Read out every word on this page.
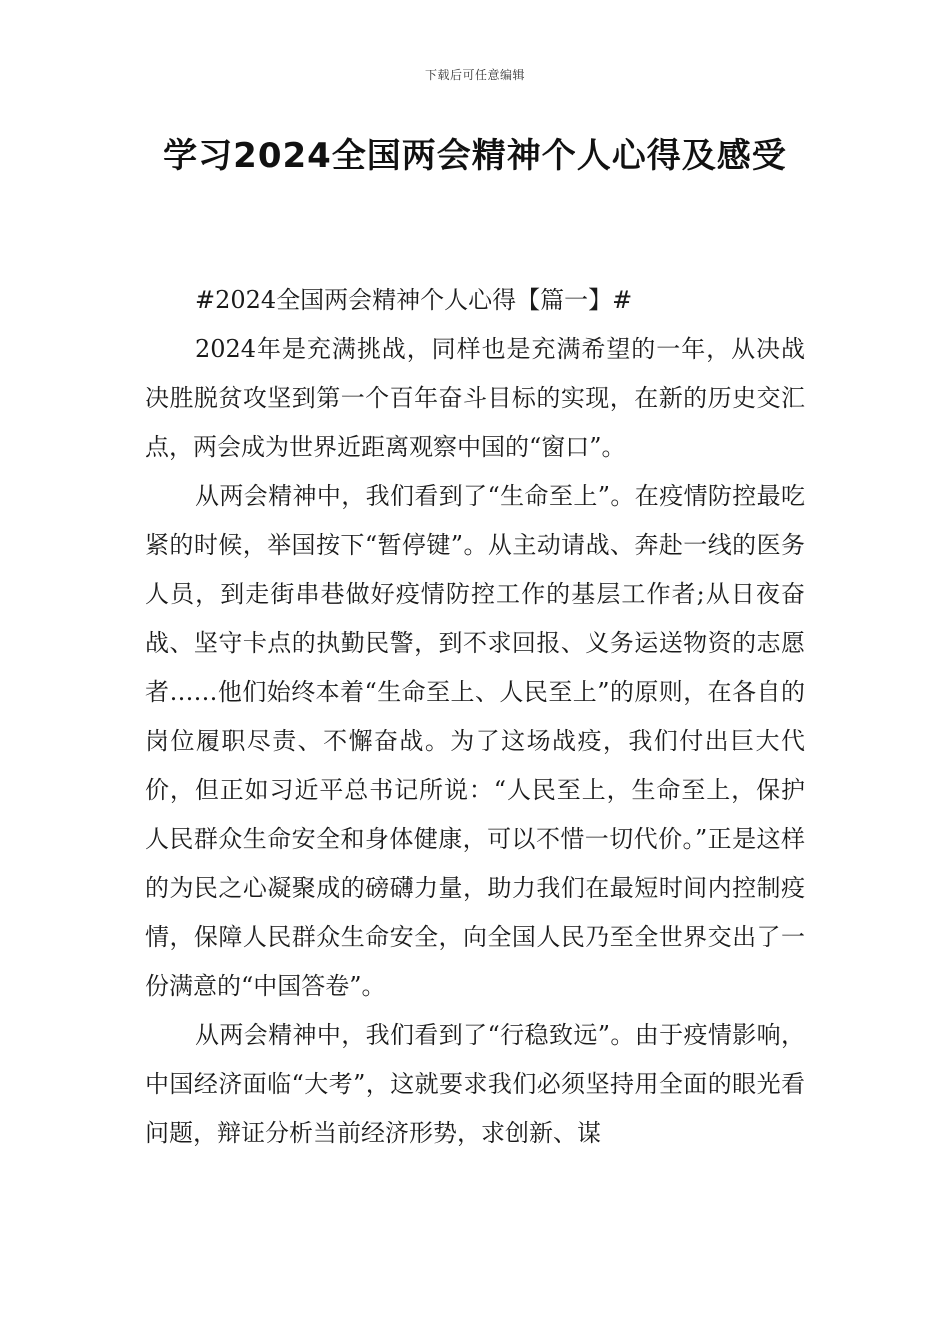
下载后可任意编辑
学习2024全国两会精神个人心得及感受

#2024全国两会精神个人心得【篇一】#

2024年是充满挑战，同样也是充满希望的一年，从决战决胜脱贫攻坚到第一个百年奋斗目标的实现，在新的历史交汇点，两会成为世界近距离观察中国的“窗口”。

从两会精神中，我们看到了“生命至上”。在疫情防控最吃紧的时候，举国按下“暂停键”。从主动请战、奔赴一线的医务人员，到走街串巷做好疫情防控工作的基层工作者;从日夜奋战、坚守卡点的执勤民警，到不求回报、义务运送物资的志愿者……他们始终本着“生命至上、人民至上”的原则，在各自的岗位履职尽责、不懈奋战。为了这场战疫，我们付出巨大代价，但正如习近平总书记所说：“人民至上，生命至上，保护人民群众生命安全和身体健康，可以不惜一切代价。”正是这样的为民之心凝聚成的磅礴力量，助力我们在最短时间内控制疫情，保障人民群众生命安全，向全国人民乃至全世界交出了一份满意的“中国答卷”。

从两会精神中，我们看到了“行稳致远”。由于疫情影响，中国经济面临“大考”，这就要求我们必须坚持用全面的眼光看问题，辩证分析当前经济形势，求创新、谋
